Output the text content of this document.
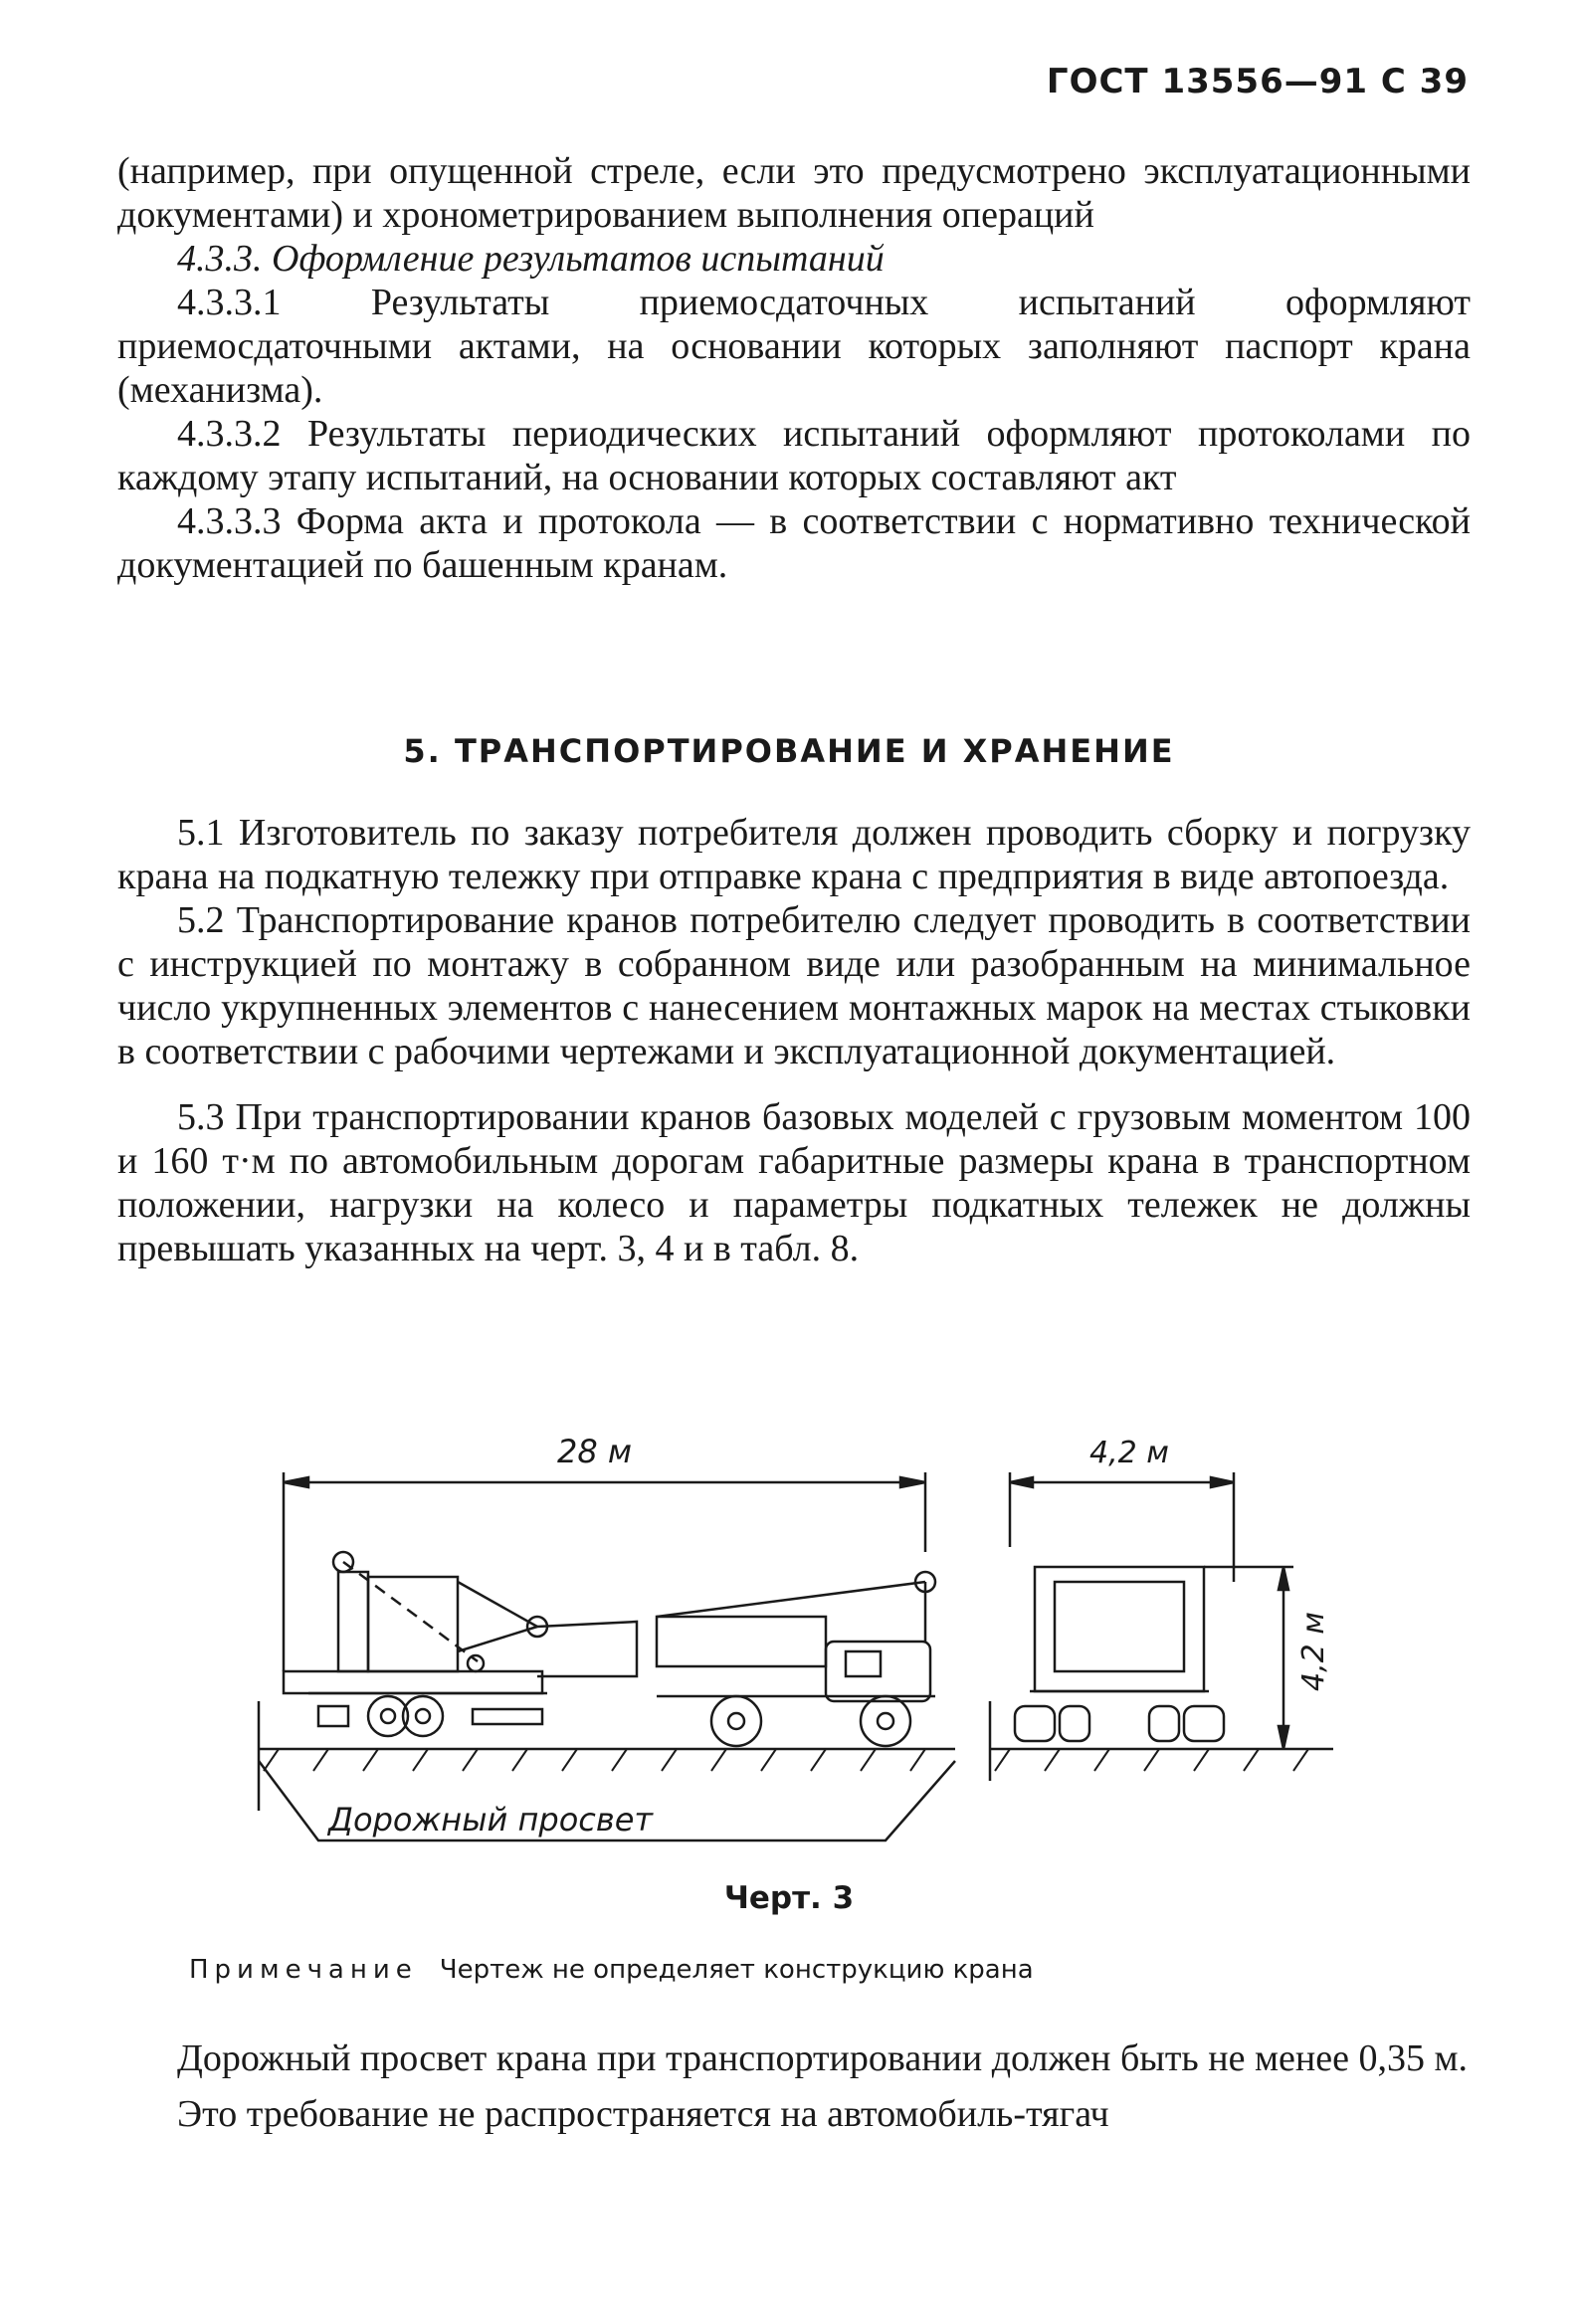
ГОСТ 13556—91 С 39

(например, при опущенной стреле, если это предусмотрено эксплуатационными документами) и хронометрированием выполнения операций

4.3.3. Оформление результатов испытаний

4.3.3.1 Результаты приемосдаточных испытаний оформляют приемосдаточными актами, на основании которых заполняют паспорт крана (механизма).

4.3.3.2 Результаты периодических испытаний оформляют протоколами по каждому этапу испытаний, на основании которых составляют акт

4.3.3.3 Форма акта и протокола — в соответствии с нормативно технической документацией по башенным кранам.

5. ТРАНСПОРТИРОВАНИЕ И ХРАНЕНИЕ

5.1 Изготовитель по заказу потребителя должен проводить сборку и погрузку крана на подкатную тележку при отправке крана с предприятия в виде автопоезда.

5.2 Транспортирование кранов потребителю следует проводить в соответствии с инструкцией по монтажу в собранном виде или разобранным на минимальное число укрупненных элементов с нанесением монтажных марок на местах стыковки в соответствии с рабочими чертежами и эксплуатационной документацией.

5.3 При транспортировании кранов базовых моделей с грузовым моментом 100 и 160 т·м по автомобильным дорогам габаритные размеры крана в транспортном положении, нагрузки на колесо и параметры подкатных тележек не должны превышать указанных на черт. 3, 4 и в табл. 8.

28 м
Дорожный просвет
4,2 м
4,2 м
Черт. 3
Примечание Чертеж не определяет конструкцию крана

Дорожный просвет крана при транспортировании должен быть не менее 0,35 м.

Это требование не распространяется на автомобиль-тягач
